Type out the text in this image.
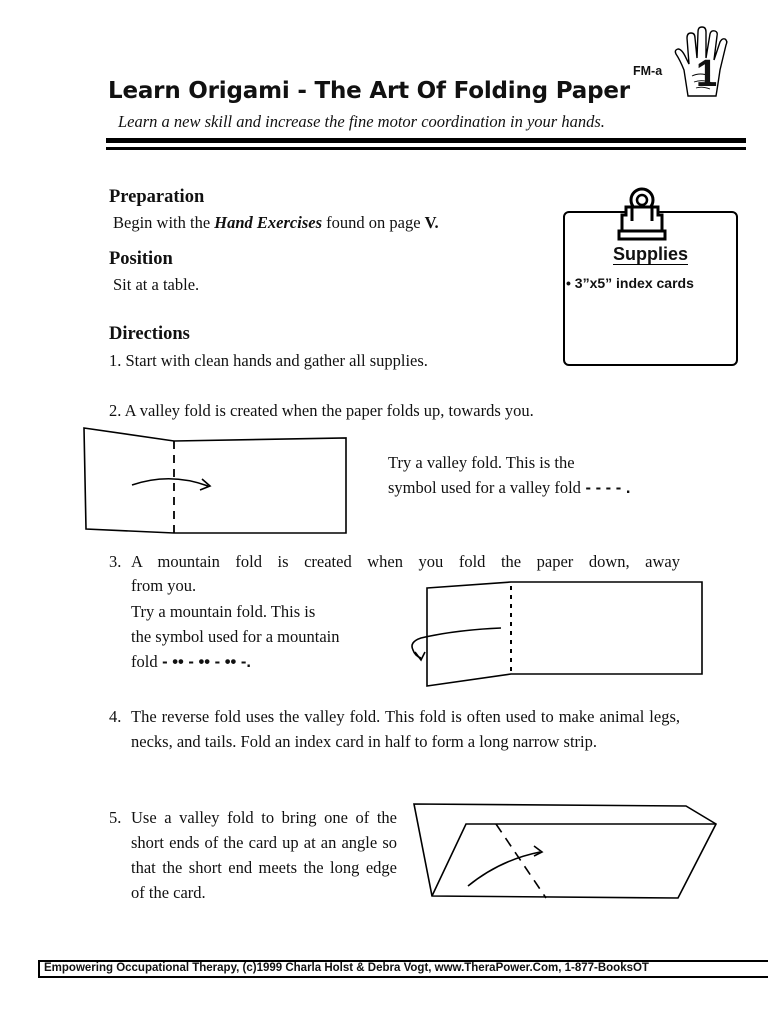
Learn Origami - The Art Of Folding Paper
Learn a new skill and increase the fine motor coordination in your hands.
FM-a 1
Preparation
Begin with the Hand Exercises found on page V.
Position
Sit at a table.
Supplies
• 3”x5” index cards
Directions
1. Start with clean hands and gather all supplies.
2. A valley fold is created when the paper folds up, towards you.
Try a valley fold. This is the
symbol used for a valley fold - - - - .
3. A mountain fold is created when you fold the paper down, away
from you.
Try a mountain fold. This is
the symbol used for a mountain
fold - •• - •• - •• -.
4. The reverse fold uses the valley fold. This fold is often used to make animal legs, necks, and tails. Fold an index card in half to form a long narrow strip.
5. Use a valley fold to bring one of the short ends of the card up at an angle so that the short end meets the long edge of the card.
Empowering Occupational Therapy, (c)1999 Charla Holst & Debra Vogt, www.TheraPower.Com, 1-877-BooksOT
